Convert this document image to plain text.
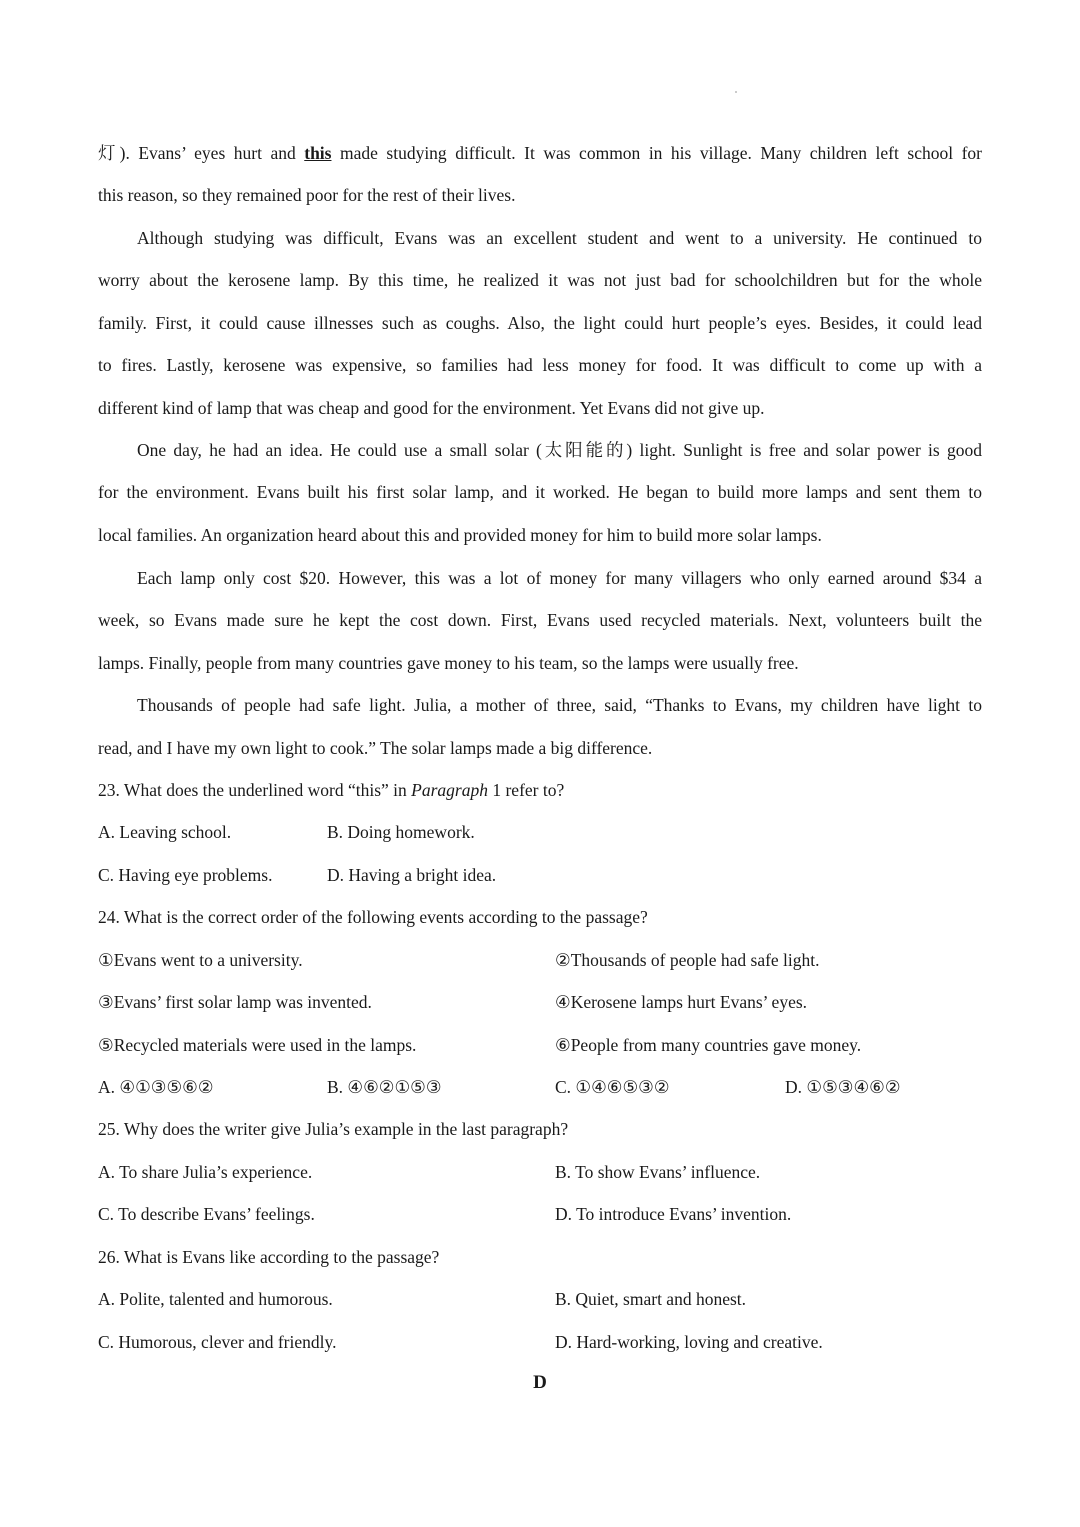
灯). Evans’ eyes hurt and this made studying difficult. It was common in his village. Many children left school for
this reason, so they remained poor for the rest of their lives.
Although studying was difficult, Evans was an excellent student and went to a university. He continued to
worry about the kerosene lamp. By this time, he realized it was not just bad for schoolchildren but for the whole
family. First, it could cause illnesses such as coughs. Also, the light could hurt people’s eyes. Besides, it could lead
to fires. Lastly, kerosene was expensive, so families had less money for food. It was difficult to come up with a
different kind of lamp that was cheap and good for the environment. Yet Evans did not give up.
One day, he had an idea. He could use a small solar (太阳能的) light. Sunlight is free and solar power is good
for the environment. Evans built his first solar lamp, and it worked. He began to build more lamps and sent them to
local families. An organization heard about this and provided money for him to build more solar lamps.
Each lamp only cost $20. However, this was a lot of money for many villagers who only earned around $34 a
week, so Evans made sure he kept the cost down. First, Evans used recycled materials. Next, volunteers built the
lamps. Finally, people from many countries gave money to his team, so the lamps were usually free.
Thousands of people had safe light. Julia, a mother of three, said, “Thanks to Evans, my children have light to
read, and I have my own light to cook.” The solar lamps made a big difference.
23. What does the underlined word “this” in Paragraph 1 refer to?
A. Leaving school.	B. Doing homework.
C. Having eye problems.	D. Having a bright idea.
24. What is the correct order of the following events according to the passage?
①Evans went to a university.	②Thousands of people had safe light.
③Evans’ first solar lamp was invented.	④Kerosene lamps hurt Evans’ eyes.
⑤Recycled materials were used in the lamps.	⑥People from many countries gave money.
A. ④①③⑤⑥②	B. ④⑥②①⑤③	C. ①④⑥⑤③②	D. ①⑤③④⑥②
25. Why does the writer give Julia’s example in the last paragraph?
A. To share Julia’s experience.	B. To show Evans’ influence.
C. To describe Evans’ feelings.	D. To introduce Evans’ invention.
26. What is Evans like according to the passage?
A. Polite, talented and humorous.	B. Quiet, smart and honest.
C. Humorous, clever and friendly.	D. Hard-working, loving and creative.
D
